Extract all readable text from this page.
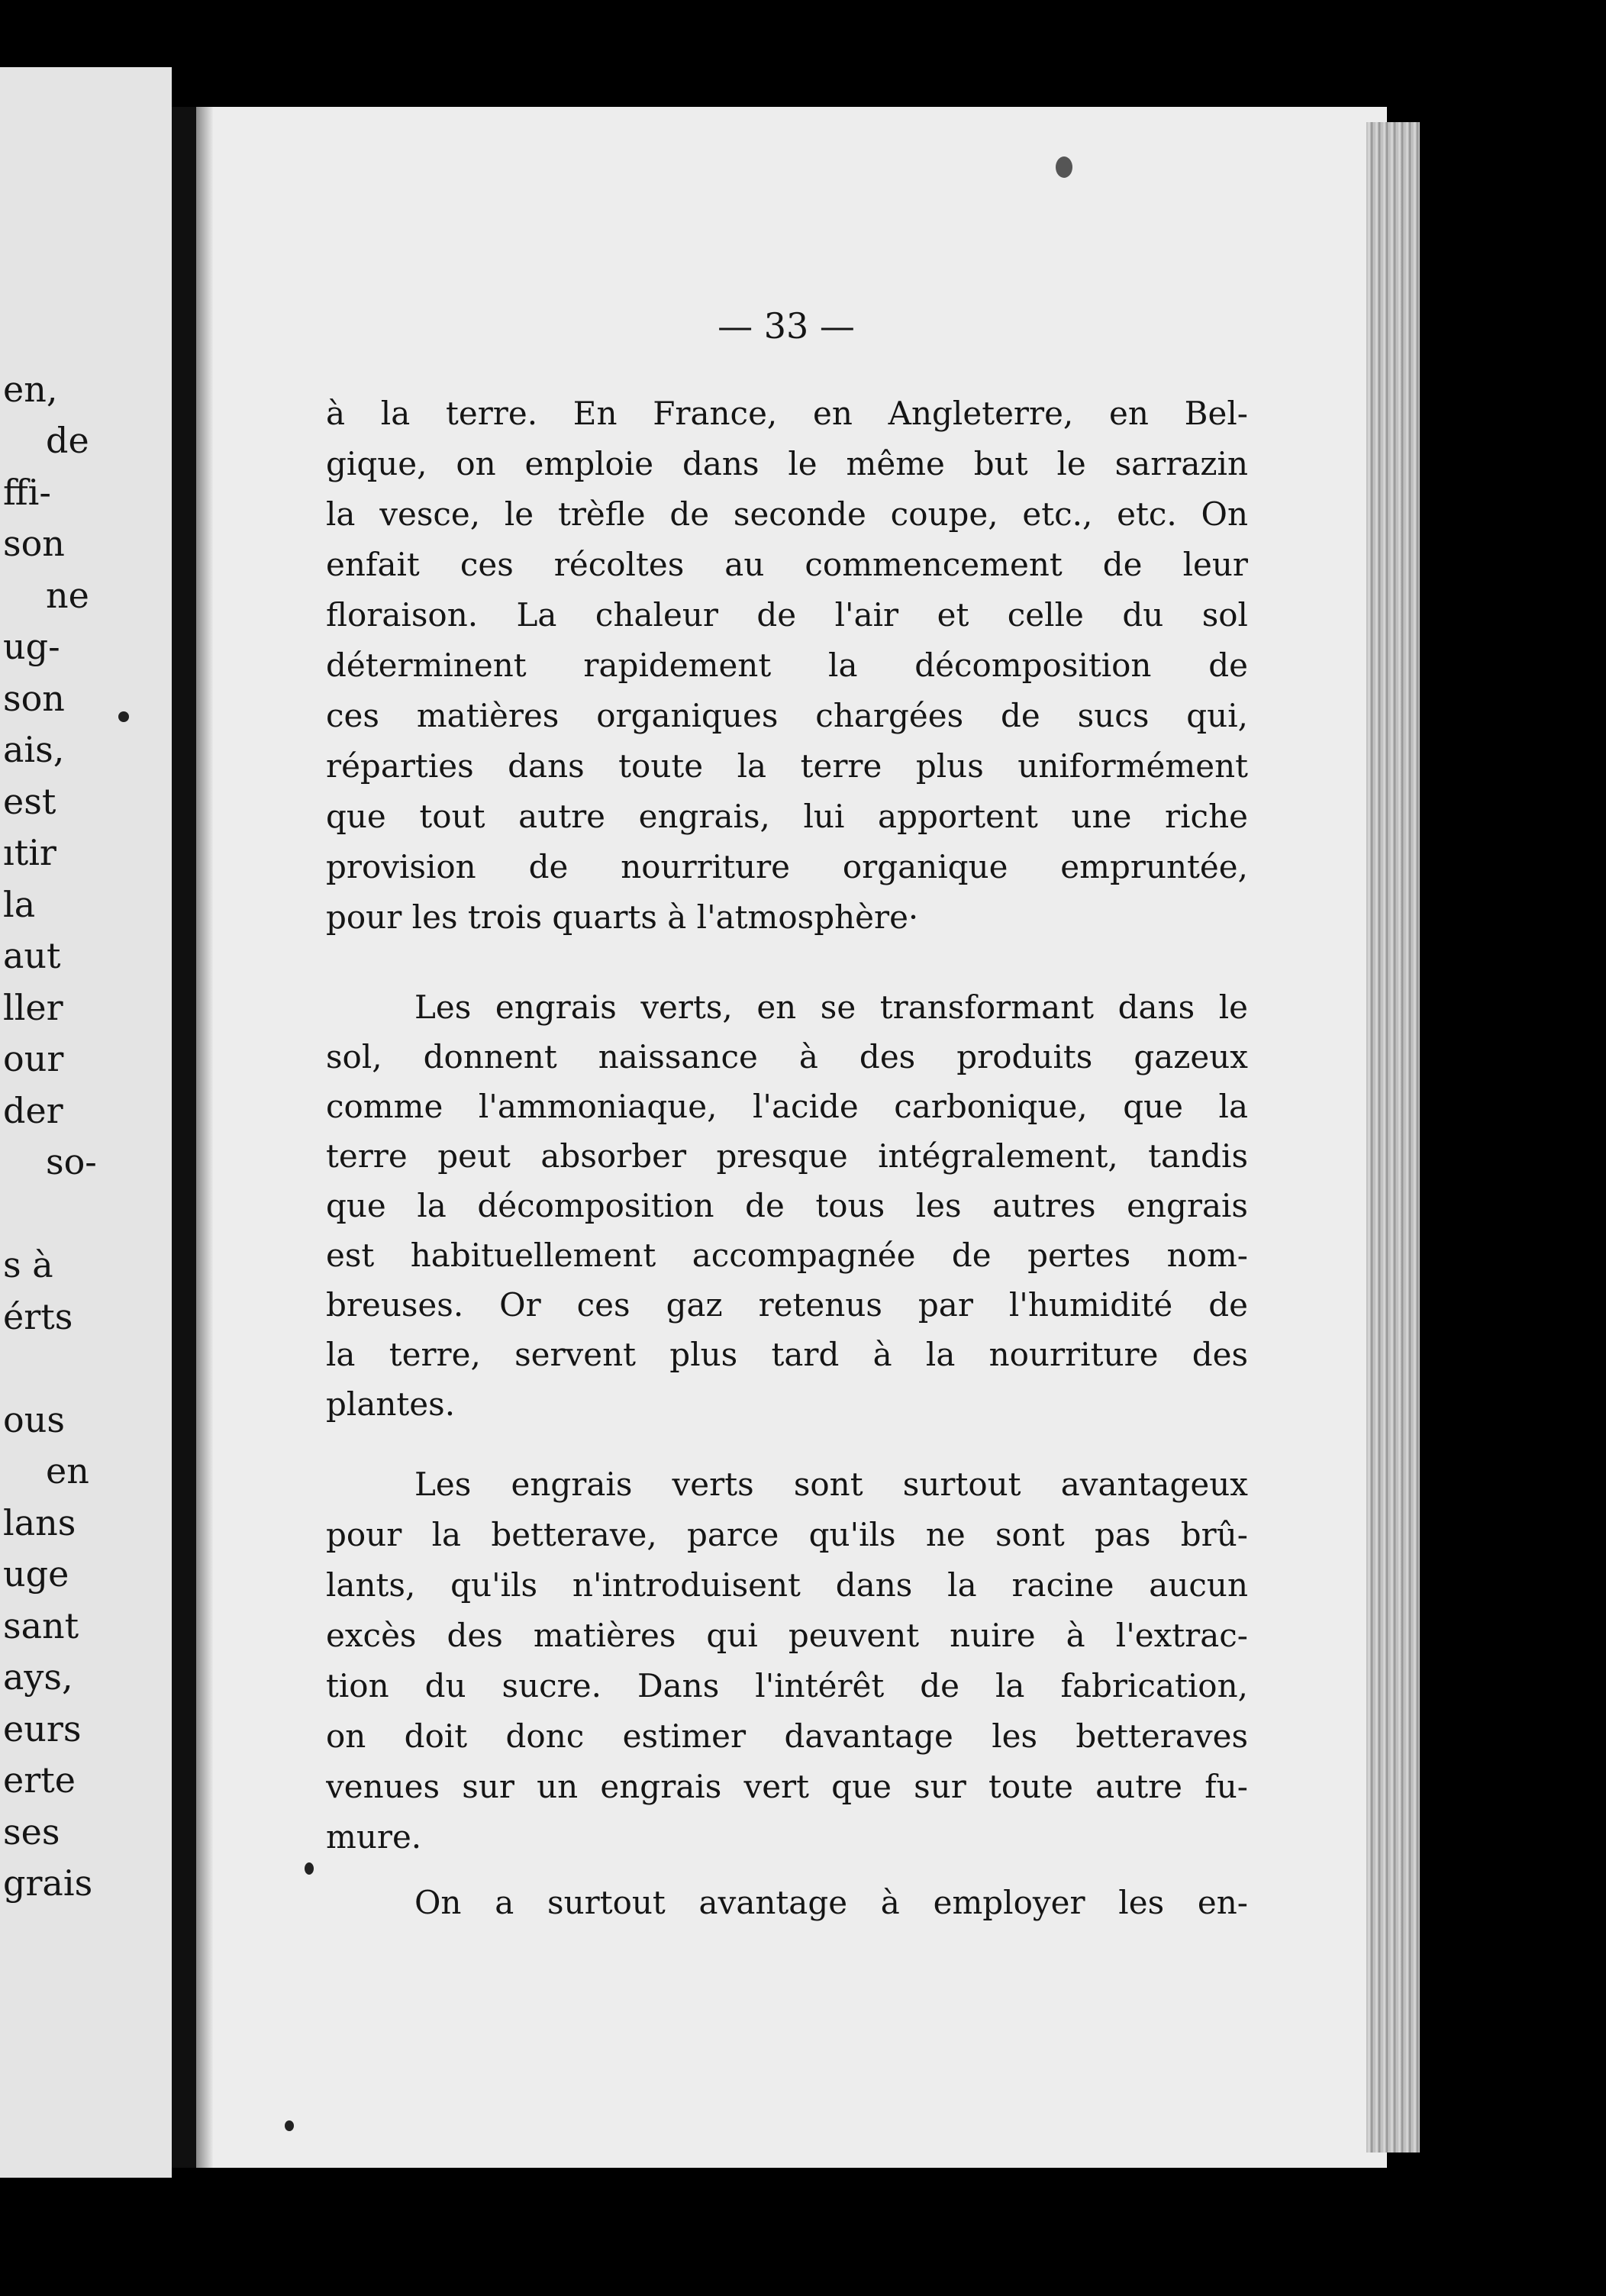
en,
de
ffi-
son
ne
ug-
son
ais,
est
ıtir
la
aut
ller
our
der
so-
s à
érts
ous
en
lans
uge
sant
ays,
eurs
erte
ses
grais
— 33 —
à la terre. En France, en Angleterre, en Bel-
gique, on emploie dans le même but le sarrazin
la vesce, le trèfle de seconde coupe, etc., etc. On
enfait ces récoltes au commencement de leur
floraison. La chaleur de l'air et celle du sol
déterminent rapidement la décomposition de
ces matières organiques chargées de sucs qui,
réparties dans toute la terre plus uniformément
que tout autre engrais, lui apportent une riche
provision de nourriture organique empruntée,
pour les trois quarts à l'atmosphère·
Les engrais verts, en se transformant dans le
sol, donnent naissance à des produits gazeux
comme l'ammoniaque, l'acide carbonique, que la
terre peut absorber presque intégralement, tandis
que la décomposition de tous les autres engrais
est habituellement accompagnée de pertes nom-
breuses. Or ces gaz retenus par l'humidité de
la terre, servent plus tard à la nourriture des
plantes.
Les engrais verts sont surtout avantageux
pour la betterave, parce qu'ils ne sont pas brû-
lants, qu'ils n'introduisent dans la racine aucun
excès des matières qui peuvent nuire à l'extrac-
tion du sucre. Dans l'intérêt de la fabrication,
on doit donc estimer davantage les betteraves
venues sur un engrais vert que sur toute autre fu-
mure.
On a surtout avantage à employer les en-
